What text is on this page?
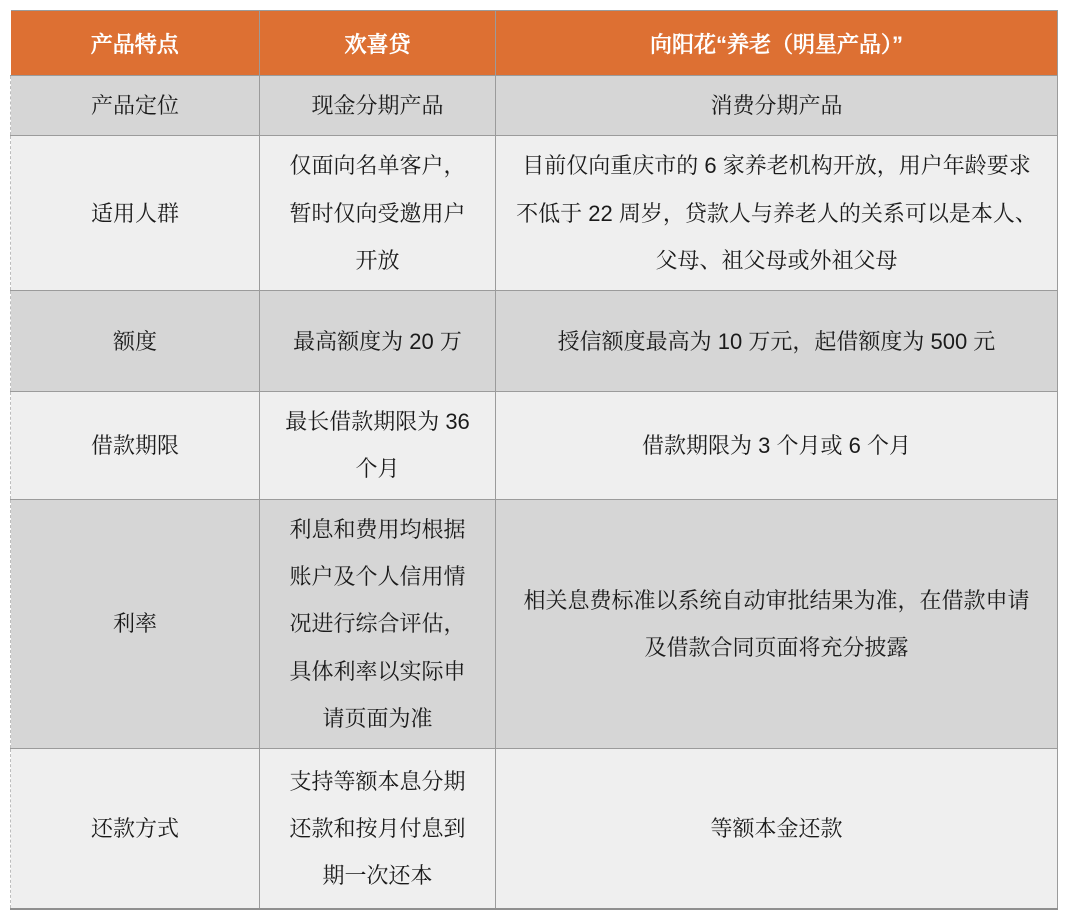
产品特点	欢喜贷	向阳花“养老（明星产品）”
产品定位	现金分期产品	消费分期产品
适用人群	仅面向名单客户，暂时仅向受邀用户开放	目前仅向重庆市的 6 家养老机构开放，用户年龄要求不低于 22 周岁，贷款人与养老人的关系可以是本人、父母、祖父母或外祖父母
额度	最高额度为 20 万	授信额度最高为 10 万元，起借额度为 500 元
借款期限	最长借款期限为 36 个月	借款期限为 3 个月或 6 个月
利率	利息和费用均根据账户及个人信用情况进行综合评估，具体利率以实际申请页面为准	相关息费标准以系统自动审批结果为准，在借款申请及借款合同页面将充分披露
还款方式	支持等额本息分期还款和按月付息到期一次还本	等额本金还款
